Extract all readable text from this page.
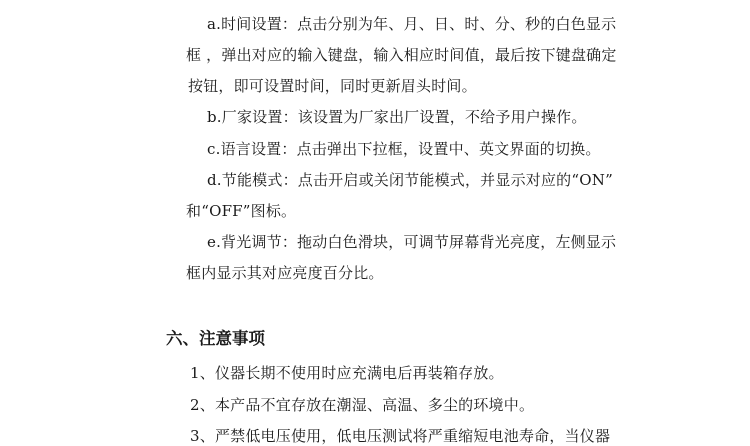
a.时间设置：点击分别为年、月、日、时、分、秒的白色显示
框 ，弹出对应的输入键盘，输入相应时间值，最后按下键盘确定
按钮，即可设置时间，同时更新眉头时间。
b.厂家设置：该设置为厂家出厂设置，不给予用户操作。
c.语言设置：点击弹出下拉框，设置中、英文界面的切换。
d.节能模式：点击开启或关闭节能模式，并显示对应的“ON”
和“OFF”图标。
e.背光调节：拖动白色滑块，可调节屏幕背光亮度，左侧显示
框内显示其对应亮度百分比。
六、注意事项
1、仪器长期不使用时应充满电后再装箱存放。
2、本产品不宜存放在潮湿、高温、多尘的环境中。
3、严禁低电压使用，低电压测试将严重缩短电池寿命，当仪器
